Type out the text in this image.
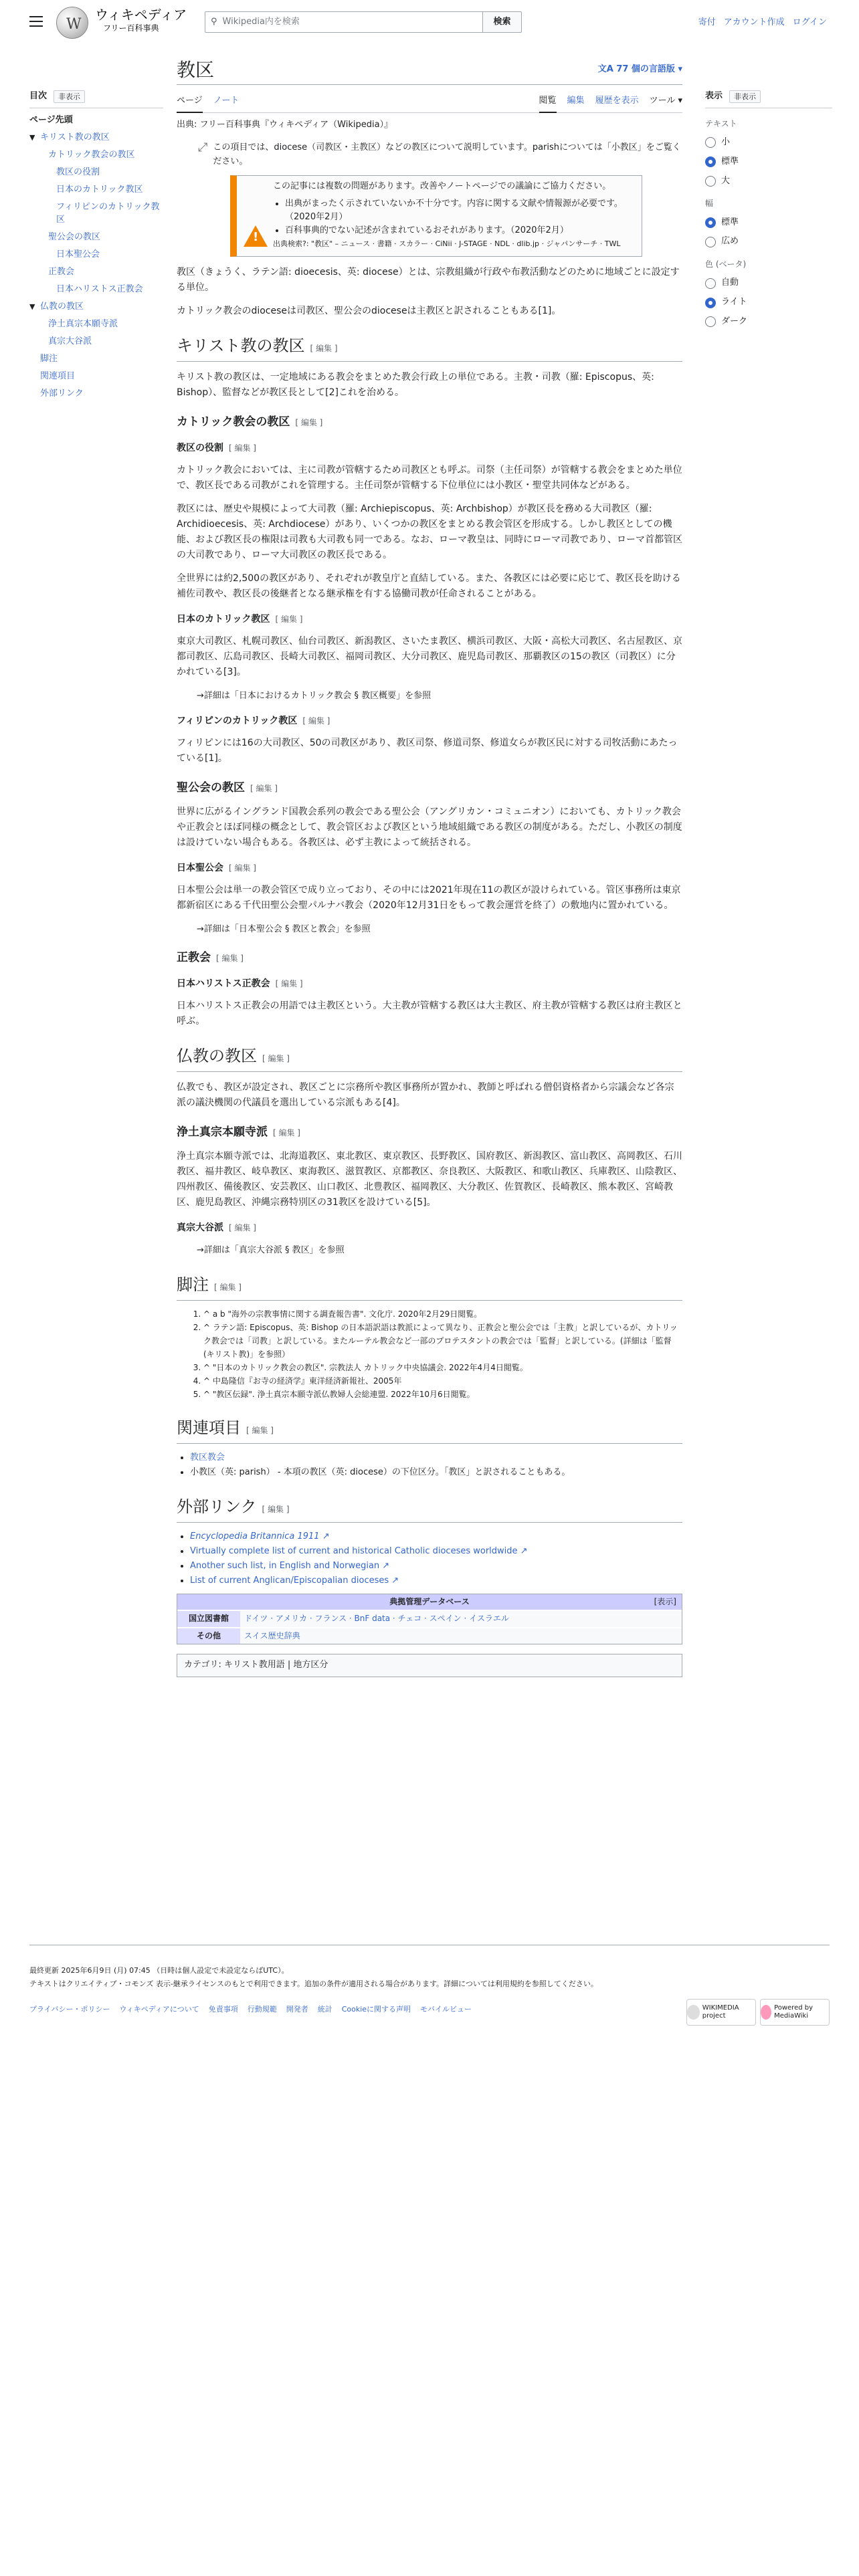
W
ウィキペディア
フリー百科事典
⚲ Wikipedia内を検索	検索	寄付 アカウント作成 ログイン
目次	非表示
ページ先頭
▼ キリスト教の教区
カトリック教会の教区
教区の役割
日本のカトリック教区
フィリピンのカトリック教区
聖公会の教区
日本聖公会
正教会
日本ハリストス正教会
▼ 仏教の教区
浄土真宗本願寺派
真宗大谷派
脚注
関連項目
外部リンク
教区	文A 77 個の言語版 ▾
ページ ノート	閲覧 編集 履歴を表示 ツール ▾
出典: フリー百科事典『ウィキペディア（Wikipedia）』
⤢ この項目では、diocese（司教区・主教区）などの教区について説明しています。parishについては「小教区」をご覧ください。
!
この記事には複数の問題があります。改善やノートページでの議論にご協力ください。
• 出典がまったく示されていないか不十分です。内容に関する文献や情報源が必要です。（2020年2月）
• 百科事典的でない記述が含まれているおそれがあります。（2020年2月）
出典検索?: "教区" – ニュース · 書籍 · スカラー · CiNii · J-STAGE · NDL · dlib.jp · ジャパンサーチ · TWL

教区（きょうく、ラテン語: dioecesis、英: diocese）とは、宗教組織が行政や布教活動などのために地域ごとに設定する単位。

カトリック教会のdioceseは司教区、聖公会のdioceseは主教区と訳されることもある[1]。

キリスト教の教区 [ 編集 ]

キリスト教の教区は、一定地域にある教会をまとめた教会行政上の単位である。主教・司教（羅: Episcopus、英: Bishop）、監督などが教区長として[2]これを治める。

カトリック教会の教区 [ 編集 ]
教区の役割 [ 編集 ]

カトリック教会においては、主に司教が管轄するため司教区とも呼ぶ。司祭（主任司祭）が管轄する教会をまとめた単位で、教区長である司教がこれを管理する。主任司祭が管轄する下位単位には小教区・聖堂共同体などがある。

教区には、歴史や規模によって大司教（羅: Archiepiscopus、英: Archbishop）が教区長を務める大司教区（羅: Archidioecesis、英: Archdiocese）があり、いくつかの教区をまとめる教会管区を形成する。しかし教区としての機能、および教区長の権限は司教も大司教も同一である。なお、ローマ教皇は、同時にローマ司教であり、ローマ首都管区の大司教であり、ローマ大司教区の教区長である。

全世界には約2,500の教区があり、それぞれが教皇庁と直結している。また、各教区には必要に応じて、教区長を助ける補佐司教や、教区長の後継者となる継承権を有する協働司教が任命されることがある。

日本のカトリック教区 [ 編集 ]

東京大司教区、札幌司教区、仙台司教区、新潟教区、さいたま教区、横浜司教区、大阪・高松大司教区、名古屋教区、京都司教区、広島司教区、長崎大司教区、福岡司教区、大分司教区、鹿児島司教区、那覇教区の15の教区（司教区）に分かれている[3]。

→詳細は「日本におけるカトリック教会 § 教区概要」を参照
フィリピンのカトリック教区 [ 編集 ]

フィリピンには16の大司教区、50の司教区があり、教区司祭、修道司祭、修道女らが教区民に対する司牧活動にあたっている[1]。

聖公会の教区 [ 編集 ]

世界に広がるイングランド国教会系列の教会である聖公会（アングリカン・コミュニオン）においても、カトリック教会や正教会とほぼ同様の概念として、教会管区および教区という地域組織である教区の制度がある。ただし、小教区の制度は設けていない場合もある。各教区は、必ず主教によって統括される。

日本聖公会 [ 編集 ]

日本聖公会は単一の教会管区で成り立っており、その中には2021年現在11の教区が設けられている。管区事務所は東京都新宿区にある千代田聖公会聖パルナバ教会（2020年12月31日をもって教会運営を終了）の敷地内に置かれている。

→詳細は「日本聖公会 § 教区と教会」を参照
正教会 [ 編集 ]
日本ハリストス正教会 [ 編集 ]

日本ハリストス正教会の用語では主教区という。大主教が管轄する教区は大主教区、府主教が管轄する教区は府主教区と呼ぶ。

仏教の教区 [ 編集 ]

仏教でも、教区が設定され、教区ごとに宗務所や教区事務所が置かれ、教師と呼ばれる僧侶資格者から宗議会など各宗派の議決機関の代議員を選出している宗派もある[4]。

浄土真宗本願寺派 [ 編集 ]

浄土真宗本願寺派では、北海道教区、東北教区、東京教区、長野教区、国府教区、新潟教区、富山教区、高岡教区、石川教区、福井教区、岐阜教区、東海教区、滋賀教区、京都教区、奈良教区、大阪教区、和歌山教区、兵庫教区、山陰教区、四州教区、備後教区、安芸教区、山口教区、北豊教区、福岡教区、大分教区、佐賀教区、長崎教区、熊本教区、宮崎教区、鹿児島教区、沖縄宗務特別区の31教区を設けている[5]。

真宗大谷派 [ 編集 ]
→詳細は「真宗大谷派 § 教区」を参照
脚注 [ 編集 ]
1. ^ a b "海外の宗教事情に関する調査報告書". 文化庁. 2020年2月29日閲覧。
2. ^ ラテン語: Episcopus、英: Bishop の日本語訳語は教派によって異なり、正教会と聖公会では「主教」と訳しているが、カトリック教会では「司教」と訳している。またルーテル教会など一部のプロテスタントの教会では「監督」と訳している。(詳細は「監督 (キリスト教)」を参照）
3. ^ "日本のカトリック教会の教区". 宗教法人 カトリック中央協議会. 2022年4月4日閲覧。
4. ^ 中島隆信『お寺の経済学』東洋経済新報社、2005年
5. ^ "教区伝録". 浄土真宗本願寺派仏教婦人会総連盟. 2022年10月6日閲覧。
関連項目 [ 編集 ]
• 教区教会
• 小教区（英: parish） - 本項の教区（英: diocese）の下位区分。「教区」と訳されることもある。
外部リンク [ 編集 ]
• Encyclopedia Britannica 1911 ↗
• Virtually complete list of current and historical Catholic dioceses worldwide ↗
• Another such list, in English and Norwegian ↗
• List of current Anglican/Episcopalian dioceses ↗
典拠管理データベース	[表示]
国立図書館	ドイツ · アメリカ · フランス · BnF data · チェコ · スペイン · イスラエル
その他	スイス歴史辞典
カテゴリ: キリスト教用語 | 地方区分
表示	非表示
テキスト
小
標準
大
幅
標準
広め
色 (ベータ)
自動
ライト
ダーク
最終更新 2025年6月9日 (月) 07:45 （日時は個人設定で未設定ならばUTC）。
テキストはクリエイティブ・コモンズ 表示-継承ライセンスのもとで利用できます。追加の条件が適用される場合があります。詳細については利用規約を参照してください。
プライバシー・ポリシー ウィキペディアについて 免責事項 行動規範 開発者 統計 Cookieに関する声明 モバイルビュー	WIKIMEDIA project
Powered by MediaWiki
